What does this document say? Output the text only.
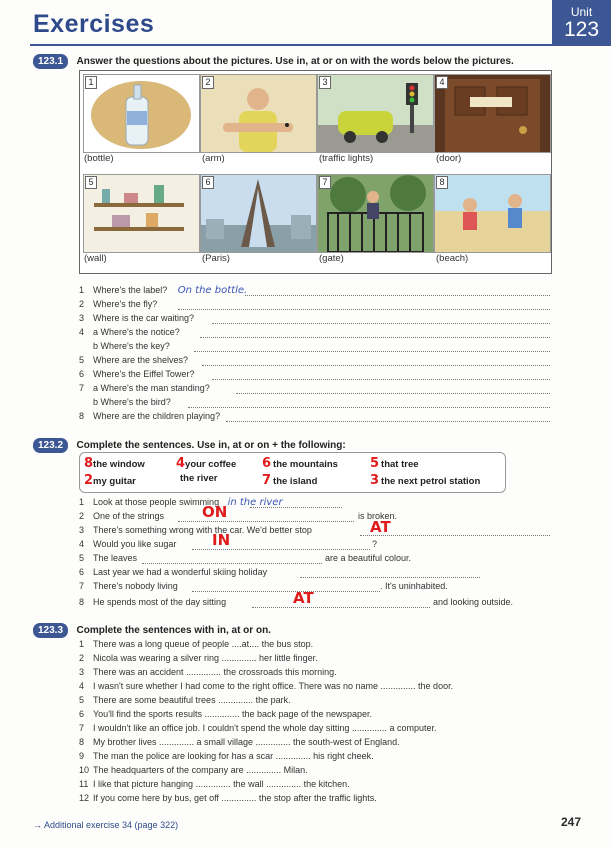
Exercises	Unit
123
123.1 Answer the questions about the pictures. Use in, at or on with the words below the pictures.
1
(bottle)
2
(arm)
3
(traffic lights)
4
(door)
5
(wall)
6
(Paris)
7
(gate)
8
(beach)
1 Where's the label? On the bottle.
2 Where's the fly?
3 Where is the car waiting?
4 a Where's the notice?
b Where's the key?
5 Where are the shelves?
6 Where's the Eiffel Tower?
7 a Where's the man standing?
b Where's the bird?
8 Where are the children playing?
123.2 Complete the sentences. Use in, at or on + the following:
8the window 4your coffee 6 the mountains 5 that tree
2my guitar	the river	7 the island	3 the next petrol station
1 Look at those people swimming in the river
2 One of the strings	ON	is broken.
3 There's something wrong with the car. We'd better stop	AT
4 Would you like sugar IN	?
5 The leaves	are a beautiful colour.
6 Last year we had a wonderful skiing holiday
7 There's nobody living	. It's uninhabited.
8 He spends most of the day sitting	AT	and looking outside.
123.3 Complete the sentences with in, at or on.
1 There was a long queue of people ....at.... the bus stop.
2 Nicola was wearing a silver ring .............. her little finger.
3 There was an accident .............. the crossroads this morning.
4 I wasn't sure whether I had come to the right office. There was no name .............. the door.
5 There are some beautiful trees .............. the park.
6 You'll find the sports results .............. the back page of the newspaper.
7 I wouldn't like an office job. I couldn't spend the whole day sitting .............. a computer.
8 My brother lives .............. a small village .............. the south-west of England.
9 The man the police are looking for has a scar .............. his right cheek.
10 The headquarters of the company are .............. Milan.
11 I like that picture hanging .............. the wall .............. the kitchen.
12 If you come here by bus, get off .............. the stop after the traffic lights.
→ Additional exercise 34 (page 322)	247
